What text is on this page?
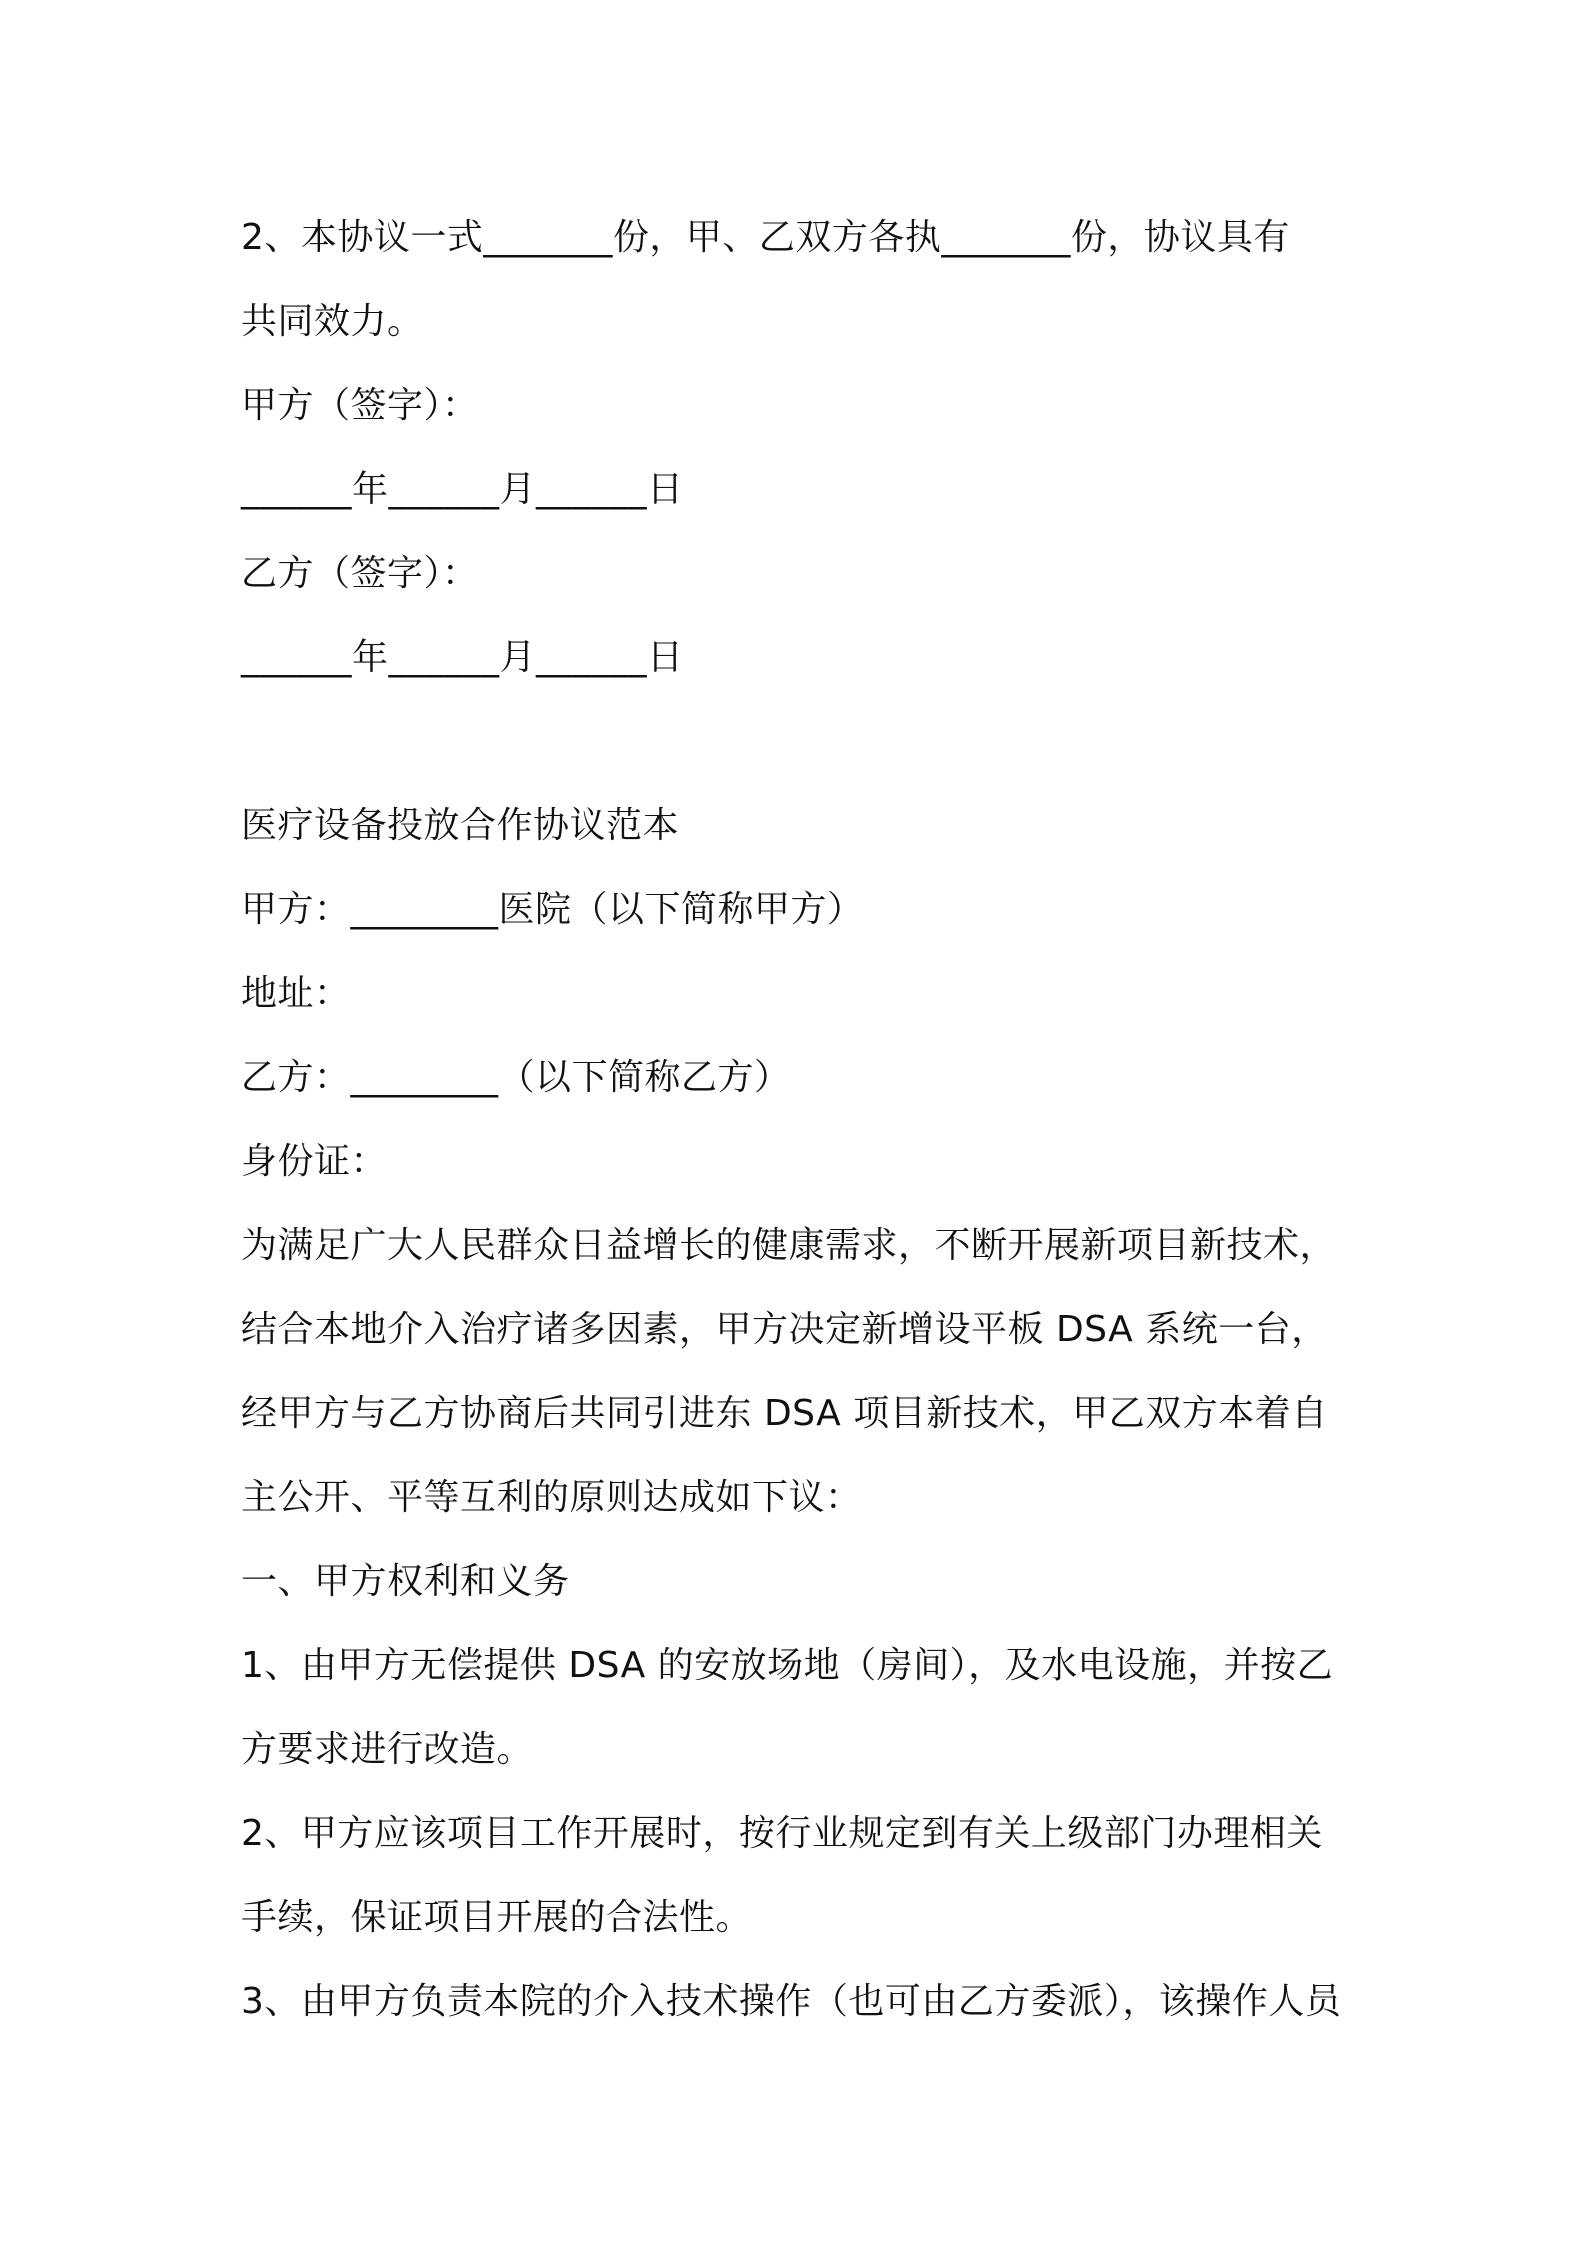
2、本协议一式_______份，甲、乙双方各执_______份，协议具有
共同效力。
甲方（签字）：
______年______月______日
乙方（签字）：
______年______月______日
医疗设备投放合作协议范本
甲方：________医院（以下简称甲方）
地址：
乙方：________（以下简称乙方）
身份证：
为满足广大人民群众日益增长的健康需求，不断开展新项目新技术，
结合本地介入治疗诸多因素，甲方决定新增设平板 DSA 系统一台，
经甲方与乙方协商后共同引进东 DSA 项目新技术，甲乙双方本着自
主公开、平等互利的原则达成如下议：
一、甲方权利和义务
1、由甲方无偿提供 DSA 的安放场地（房间），及水电设施，并按乙
方要求进行改造。
2、甲方应该项目工作开展时，按行业规定到有关上级部门办理相关
手续，保证项目开展的合法性。
3、由甲方负责本院的介入技术操作（也可由乙方委派），该操作人员
